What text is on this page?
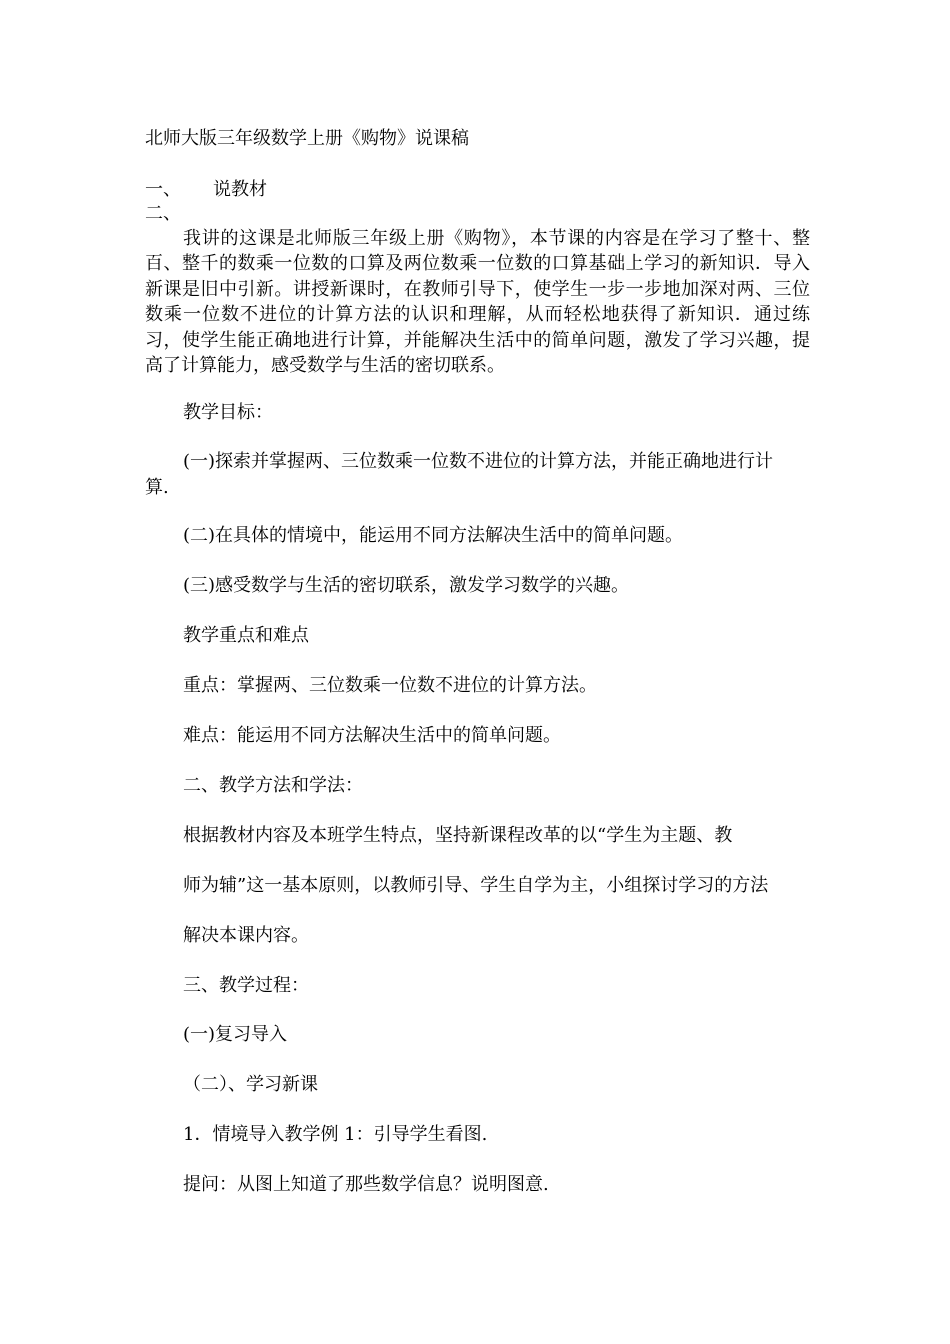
北师大版三年级数学上册《购物》说课稿
一、 说教材
二、
我讲的这课是北师版三年级上册《购物》，本节课的内容是在学习了整十、整百、整千的数乘一位数的口算及两位数乘一位数的口算基础上学习的新知识．导入新课是旧中引新。讲授新课时，在教师引导下，使学生一步一步地加深对两、三位数乘一位数不进位的计算方法的认识和理解，从而轻松地获得了新知识．通过练习，使学生能正确地进行计算，并能解决生活中的简单问题，激发了学习兴趣，提高了计算能力，感受数学与生活的密切联系。
教学目标：
(一)探索并掌握两、三位数乘一位数不进位的计算方法，并能正确地进行计
算.
(二)在具体的情境中，能运用不同方法解决生活中的简单问题。
(三)感受数学与生活的密切联系，激发学习数学的兴趣。
教学重点和难点
重点：掌握两、三位数乘一位数不进位的计算方法。
难点：能运用不同方法解决生活中的简单问题。
二、教学方法和学法：
根据教材内容及本班学生特点，坚持新课程改革的以“学生为主题、教
师为辅”这一基本原则，以教师引导、学生自学为主，小组探讨学习的方法
解决本课内容。
三、教学过程：
(一)复习导入
（二）、学习新课
1．情境导入教学例 1：引导学生看图.
提问：从图上知道了那些数学信息？说明图意.
